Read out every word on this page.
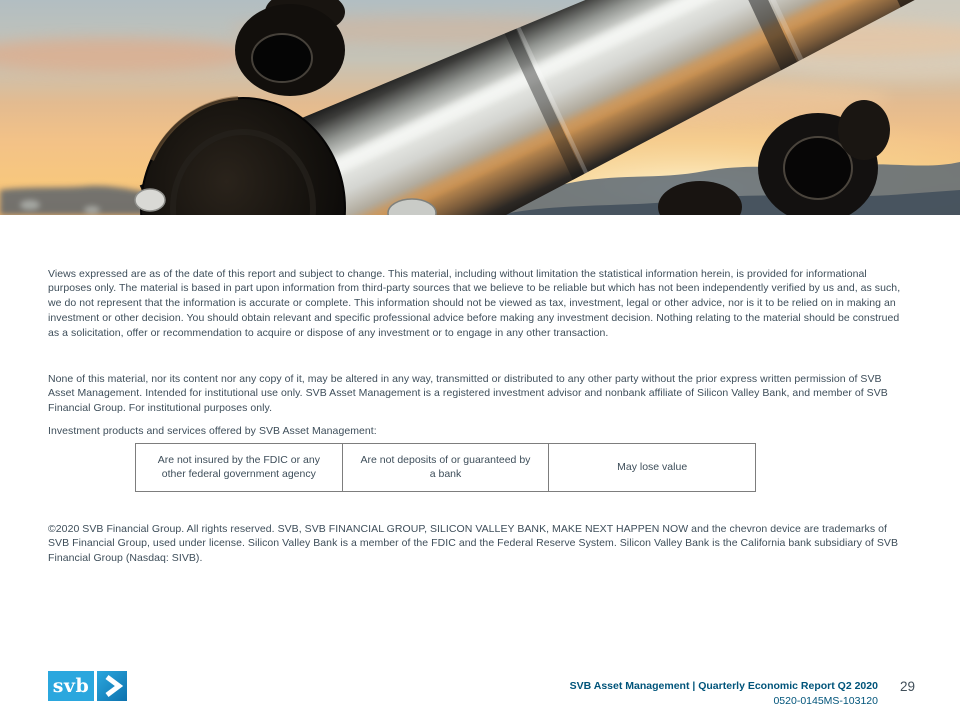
Views expressed are as of the date of this report and subject to change. This material, including without limitation the statistical information herein, is provided for informational purposes only. The material is based in part upon information from third-party sources that we believe to be reliable but which has not been independently verified by us and, as such, we do not represent that the information is accurate or complete. This information should not be viewed as tax, investment, legal or other advice, nor is it to be relied on in making an investment or other decision. You should obtain relevant and specific professional advice before making any investment decision. Nothing relating to the material should be construed as a solicitation, offer or recommendation to acquire or dispose of any investment or to engage in any other transaction.

None of this material, nor its content nor any copy of it, may be altered in any way, transmitted or distributed to any other party without the prior express written permission of SVB Asset Management. Intended for institutional use only. SVB Asset Management is a registered investment advisor and nonbank affiliate of Silicon Valley Bank, and member of SVB Financial Group. For institutional purposes only.

Investment products and services offered by SVB Asset Management:

Are not insured by the FDIC or any other federal government agency	Are not deposits of or guaranteed by a bank	May lose value

©2020 SVB Financial Group. All rights reserved. SVB, SVB FINANCIAL GROUP, SILICON VALLEY BANK, MAKE NEXT HAPPEN NOW and the chevron device are trademarks of SVB Financial Group, used under license. Silicon Valley Bank is a member of the FDIC and the Federal Reserve System. Silicon Valley Bank is the California bank subsidiary of SVB Financial Group (Nasdaq: SIVB).

svb	SVB Asset Management | Quarterly Economic Report Q2 2020
0520-0145MS-103120
29
